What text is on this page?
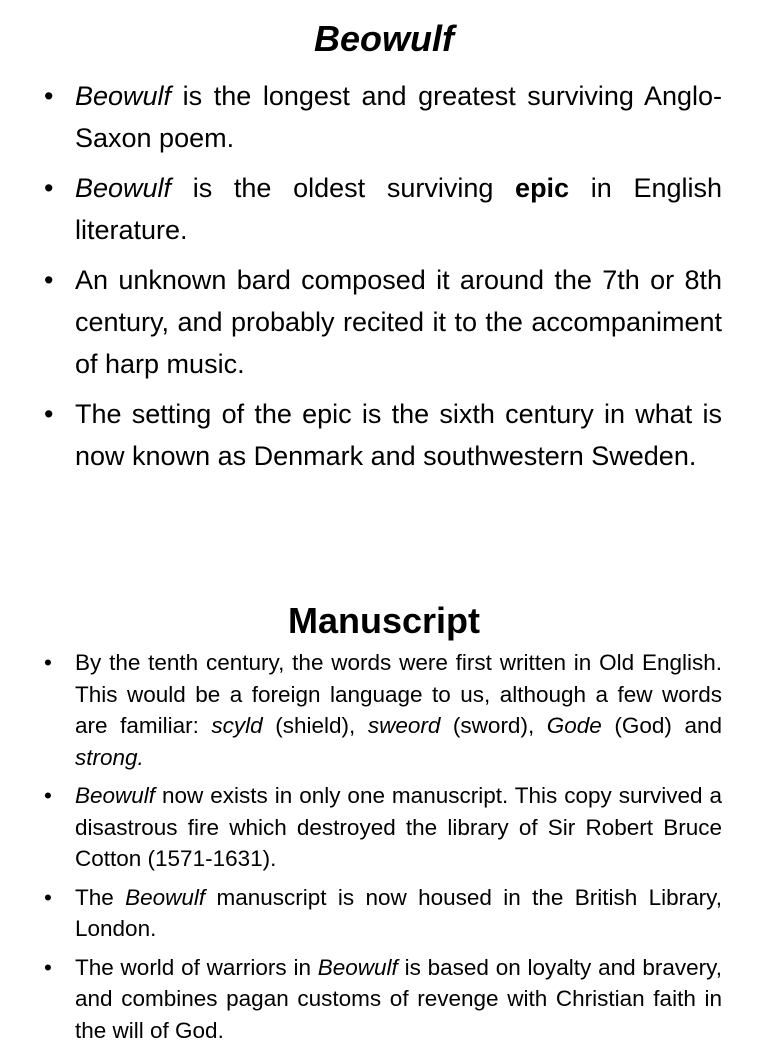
Beowulf
• Beowulf is the longest and greatest surviving Anglo-Saxon poem.
• Beowulf is the oldest surviving epic in English literature.
• An unknown bard composed it around the 7th or 8th century, and probably recited it to the accompaniment of harp music.
• The setting of the epic is the sixth century in what is now known as Denmark and southwestern Sweden.
Manuscript
• By the tenth century, the words were first written in Old English. This would be a foreign language to us, although a few words are familiar: scyld (shield), sweord (sword), Gode (God) and strong.
• Beowulf now exists in only one manuscript. This copy survived a disastrous fire which destroyed the library of Sir Robert Bruce Cotton (1571-1631).
• The Beowulf manuscript is now housed in the British Library, London.
• The world of warriors in Beowulf is based on loyalty and bravery, and combines pagan customs of revenge with Christian faith in the will of God.
